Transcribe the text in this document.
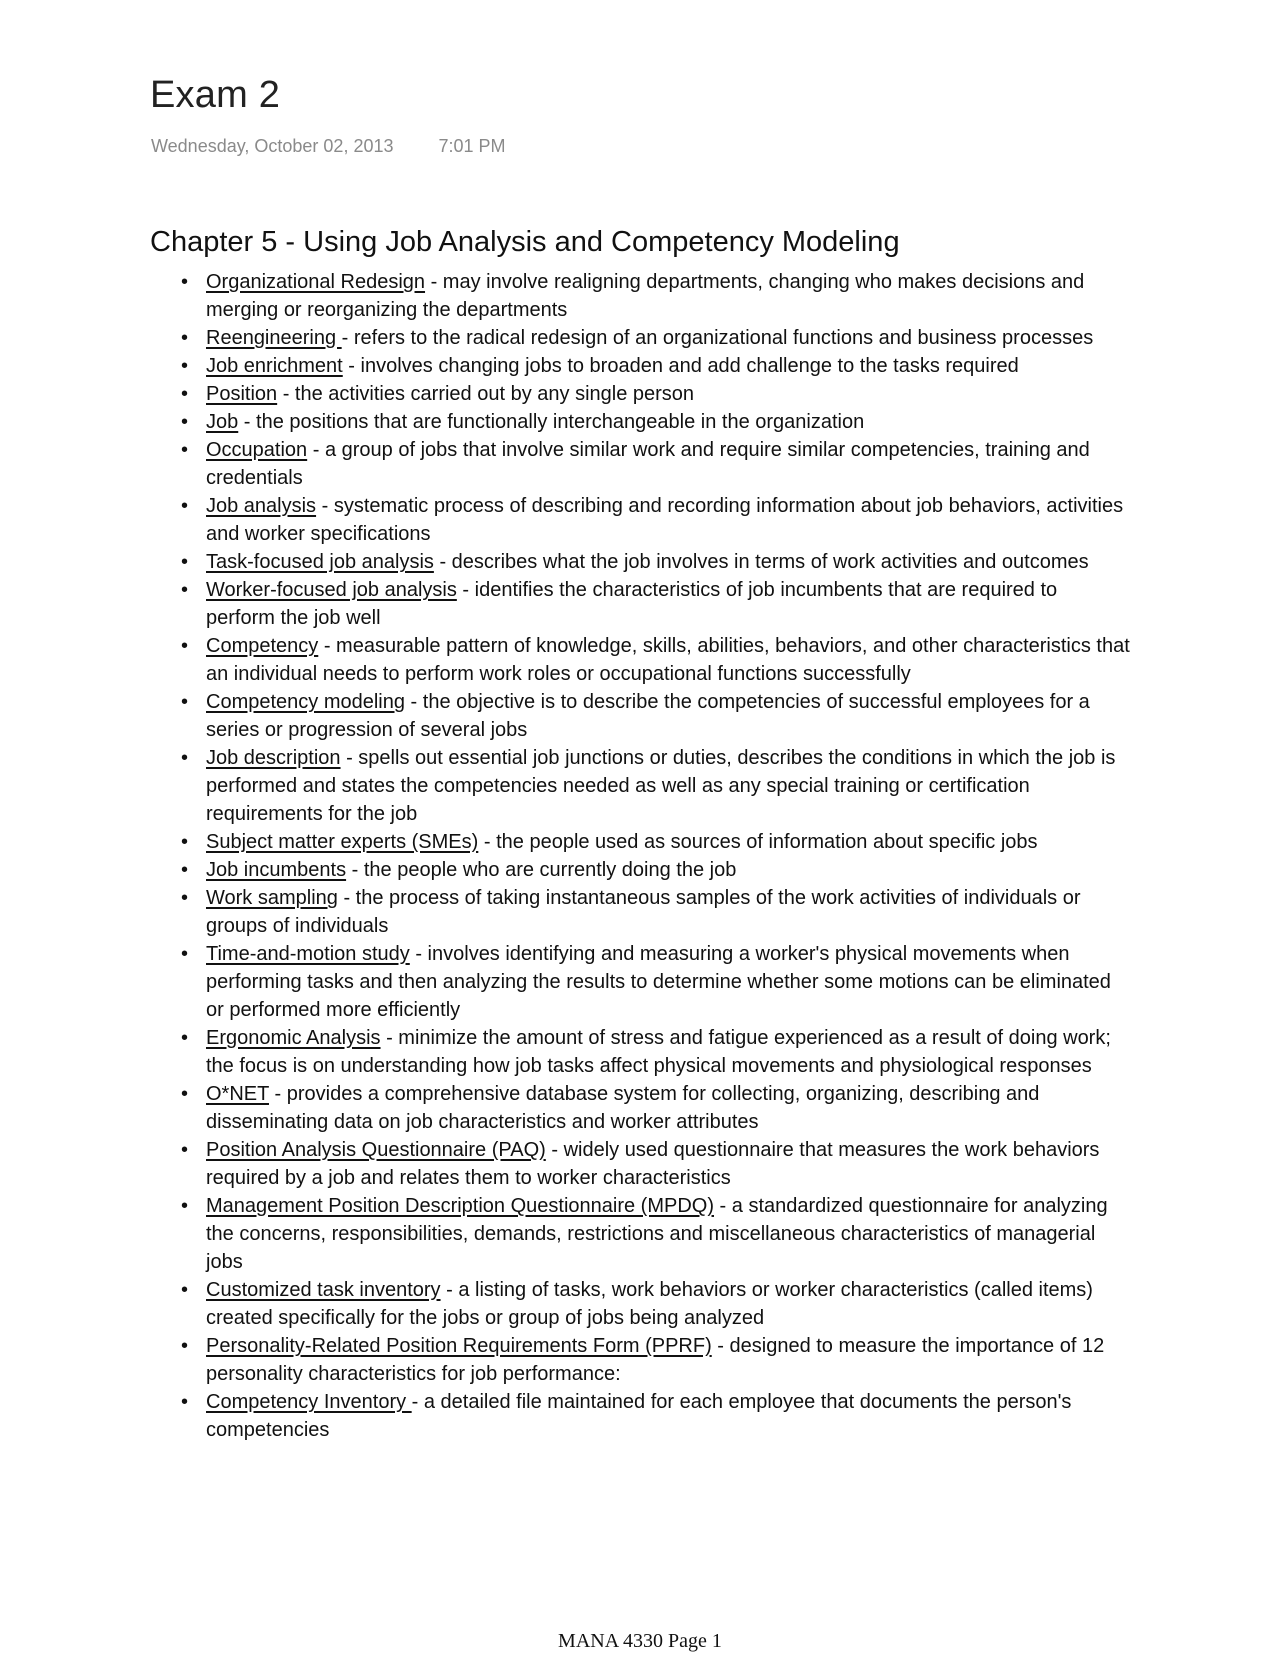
Exam 2
Wednesday, October 02, 2013	7:01 PM
Chapter 5 - Using Job Analysis and Competency Modeling
• Organizational Redesign - may involve realigning departments, changing who makes decisions and merging or reorganizing the departments
• Reengineering - refers to the radical redesign of an organizational functions and business processes
• Job enrichment - involves changing jobs to broaden and add challenge to the tasks required
• Position - the activities carried out by any single person
• Job - the positions that are functionally interchangeable in the organization
• Occupation - a group of jobs that involve similar work and require similar competencies, training and credentials
• Job analysis - systematic process of describing and recording information about job behaviors, activities and worker specifications
• Task-focused job analysis - describes what the job involves in terms of work activities and outcomes
• Worker-focused job analysis - identifies the characteristics of job incumbents that are required to perform the job well
• Competency - measurable pattern of knowledge, skills, abilities, behaviors, and other characteristics that an individual needs to perform work roles or occupational functions successfully
• Competency modeling - the objective is to describe the competencies of successful employees for a series or progression of several jobs
• Job description - spells out essential job junctions or duties, describes the conditions in which the job is performed and states the competencies needed as well as any special training or certification requirements for the job
• Subject matter experts (SMEs) - the people used as sources of information about specific jobs
• Job incumbents - the people who are currently doing the job
• Work sampling - the process of taking instantaneous samples of the work activities of individuals or groups of individuals
• Time-and-motion study - involves identifying and measuring a worker's physical movements when performing tasks and then analyzing the results to determine whether some motions can be eliminated or performed more efficiently
• Ergonomic Analysis - minimize the amount of stress and fatigue experienced as a result of doing work; the focus is on understanding how job tasks affect physical movements and physiological responses
• O*NET - provides a comprehensive database system for collecting, organizing, describing and disseminating data on job characteristics and worker attributes
• Position Analysis Questionnaire (PAQ) - widely used questionnaire that measures the work behaviors required by a job and relates them to worker characteristics
• Management Position Description Questionnaire (MPDQ) - a standardized questionnaire for analyzing the concerns, responsibilities, demands, restrictions and miscellaneous characteristics of managerial jobs
• Customized task inventory - a listing of tasks, work behaviors or worker characteristics (called items) created specifically for the jobs or group of jobs being analyzed
• Personality-Related Position Requirements Form (PPRF) - designed to measure the importance of 12 personality characteristics for job performance:
• Competency Inventory - a detailed file maintained for each employee that documents the person's competencies
MANA 4330 Page 1
